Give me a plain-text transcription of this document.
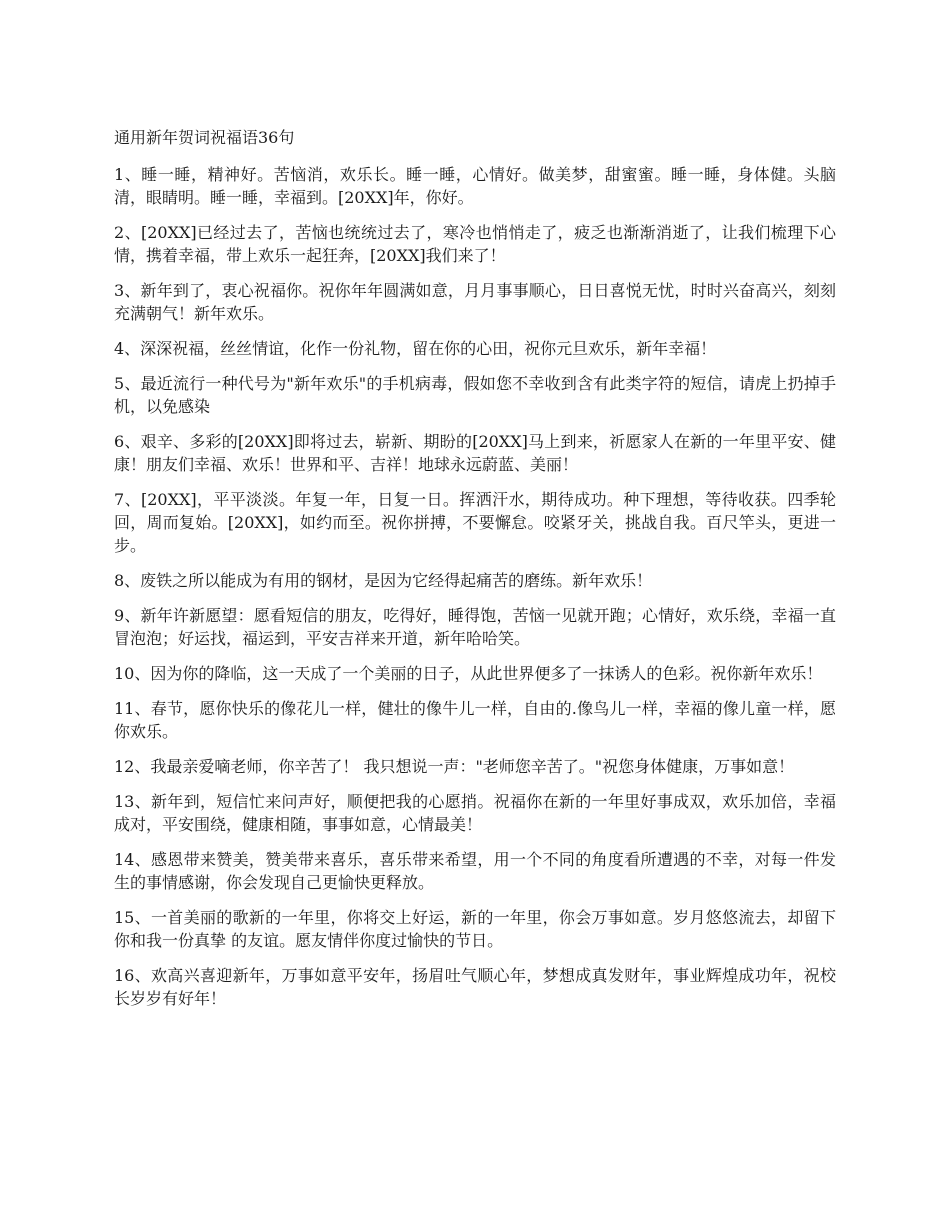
通用新年贺词祝福语36句

1、睡一睡，精神好。苦恼消，欢乐长。睡一睡，心情好。做美梦，甜蜜蜜。睡一睡，身体健。头脑清，眼睛明。睡一睡，幸福到。[20XX]年，你好。

2、[20XX]已经过去了，苦恼也统统过去了，寒冷也悄悄走了，疲乏也渐渐消逝了，让我们梳理下心情，携着幸福，带上欢乐一起狂奔，[20XX]我们来了！

3、新年到了，衷心祝福你。祝你年年圆满如意，月月事事顺心，日日喜悦无忧，时时兴奋高兴，刻刻充满朝气！新年欢乐。

4、深深祝福，丝丝情谊，化作一份礼物，留在你的心田，祝你元旦欢乐，新年幸福！

5、最近流行一种代号为"新年欢乐"的手机病毒，假如您不幸收到含有此类字符的短信，请虎上扔掉手机，以免感染

6、艰辛、多彩的[20XX]即将过去，崭新、期盼的[20XX]马上到来，祈愿家人在新的一年里平安、健康！朋友们幸福、欢乐！世界和平、吉祥！地球永远蔚蓝、美丽！

7、[20XX]，平平淡淡。年复一年，日复一日。挥洒汗水，期待成功。种下理想，等待收获。四季轮回，周而复始。[20XX]，如约而至。祝你拼搏，不要懈怠。咬紧牙关，挑战自我。百尺竿头，更进一步。

8、废铁之所以能成为有用的钢材，是因为它经得起痛苦的磨练。新年欢乐！

9、新年许新愿望：愿看短信的朋友，吃得好，睡得饱，苦恼一见就开跑；心情好，欢乐绕，幸福一直冒泡泡；好运找，福运到，平安吉祥来开道，新年哈哈笑。

10、因为你的降临，这一天成了一个美丽的日子，从此世界便多了一抹诱人的色彩。祝你新年欢乐！

11、春节，愿你快乐的像花儿一样，健壮的像牛儿一样，自由的.像鸟儿一样，幸福的像儿童一样，愿你欢乐。

12、我最亲爱嘀老师，你辛苦了！ 我只想说一声："老师您辛苦了。"祝您身体健康，万事如意！

13、新年到，短信忙来问声好，顺便把我的心愿捎。祝福你在新的一年里好事成双，欢乐加倍，幸福成对，平安围绕，健康相随，事事如意，心情最美！

14、感恩带来赞美，赞美带来喜乐，喜乐带来希望，用一个不同的角度看所遭遇的不幸，对每一件发生的事情感谢，你会发现自己更愉快更释放。

15、一首美丽的歌新的一年里，你将交上好运，新的一年里，你会万事如意。岁月悠悠流去，却留下你和我一份真挚 的友谊。愿友情伴你度过愉快的节日。

16、欢高兴喜迎新年，万事如意平安年，扬眉吐气顺心年，梦想成真发财年，事业辉煌成功年，祝校长岁岁有好年！
